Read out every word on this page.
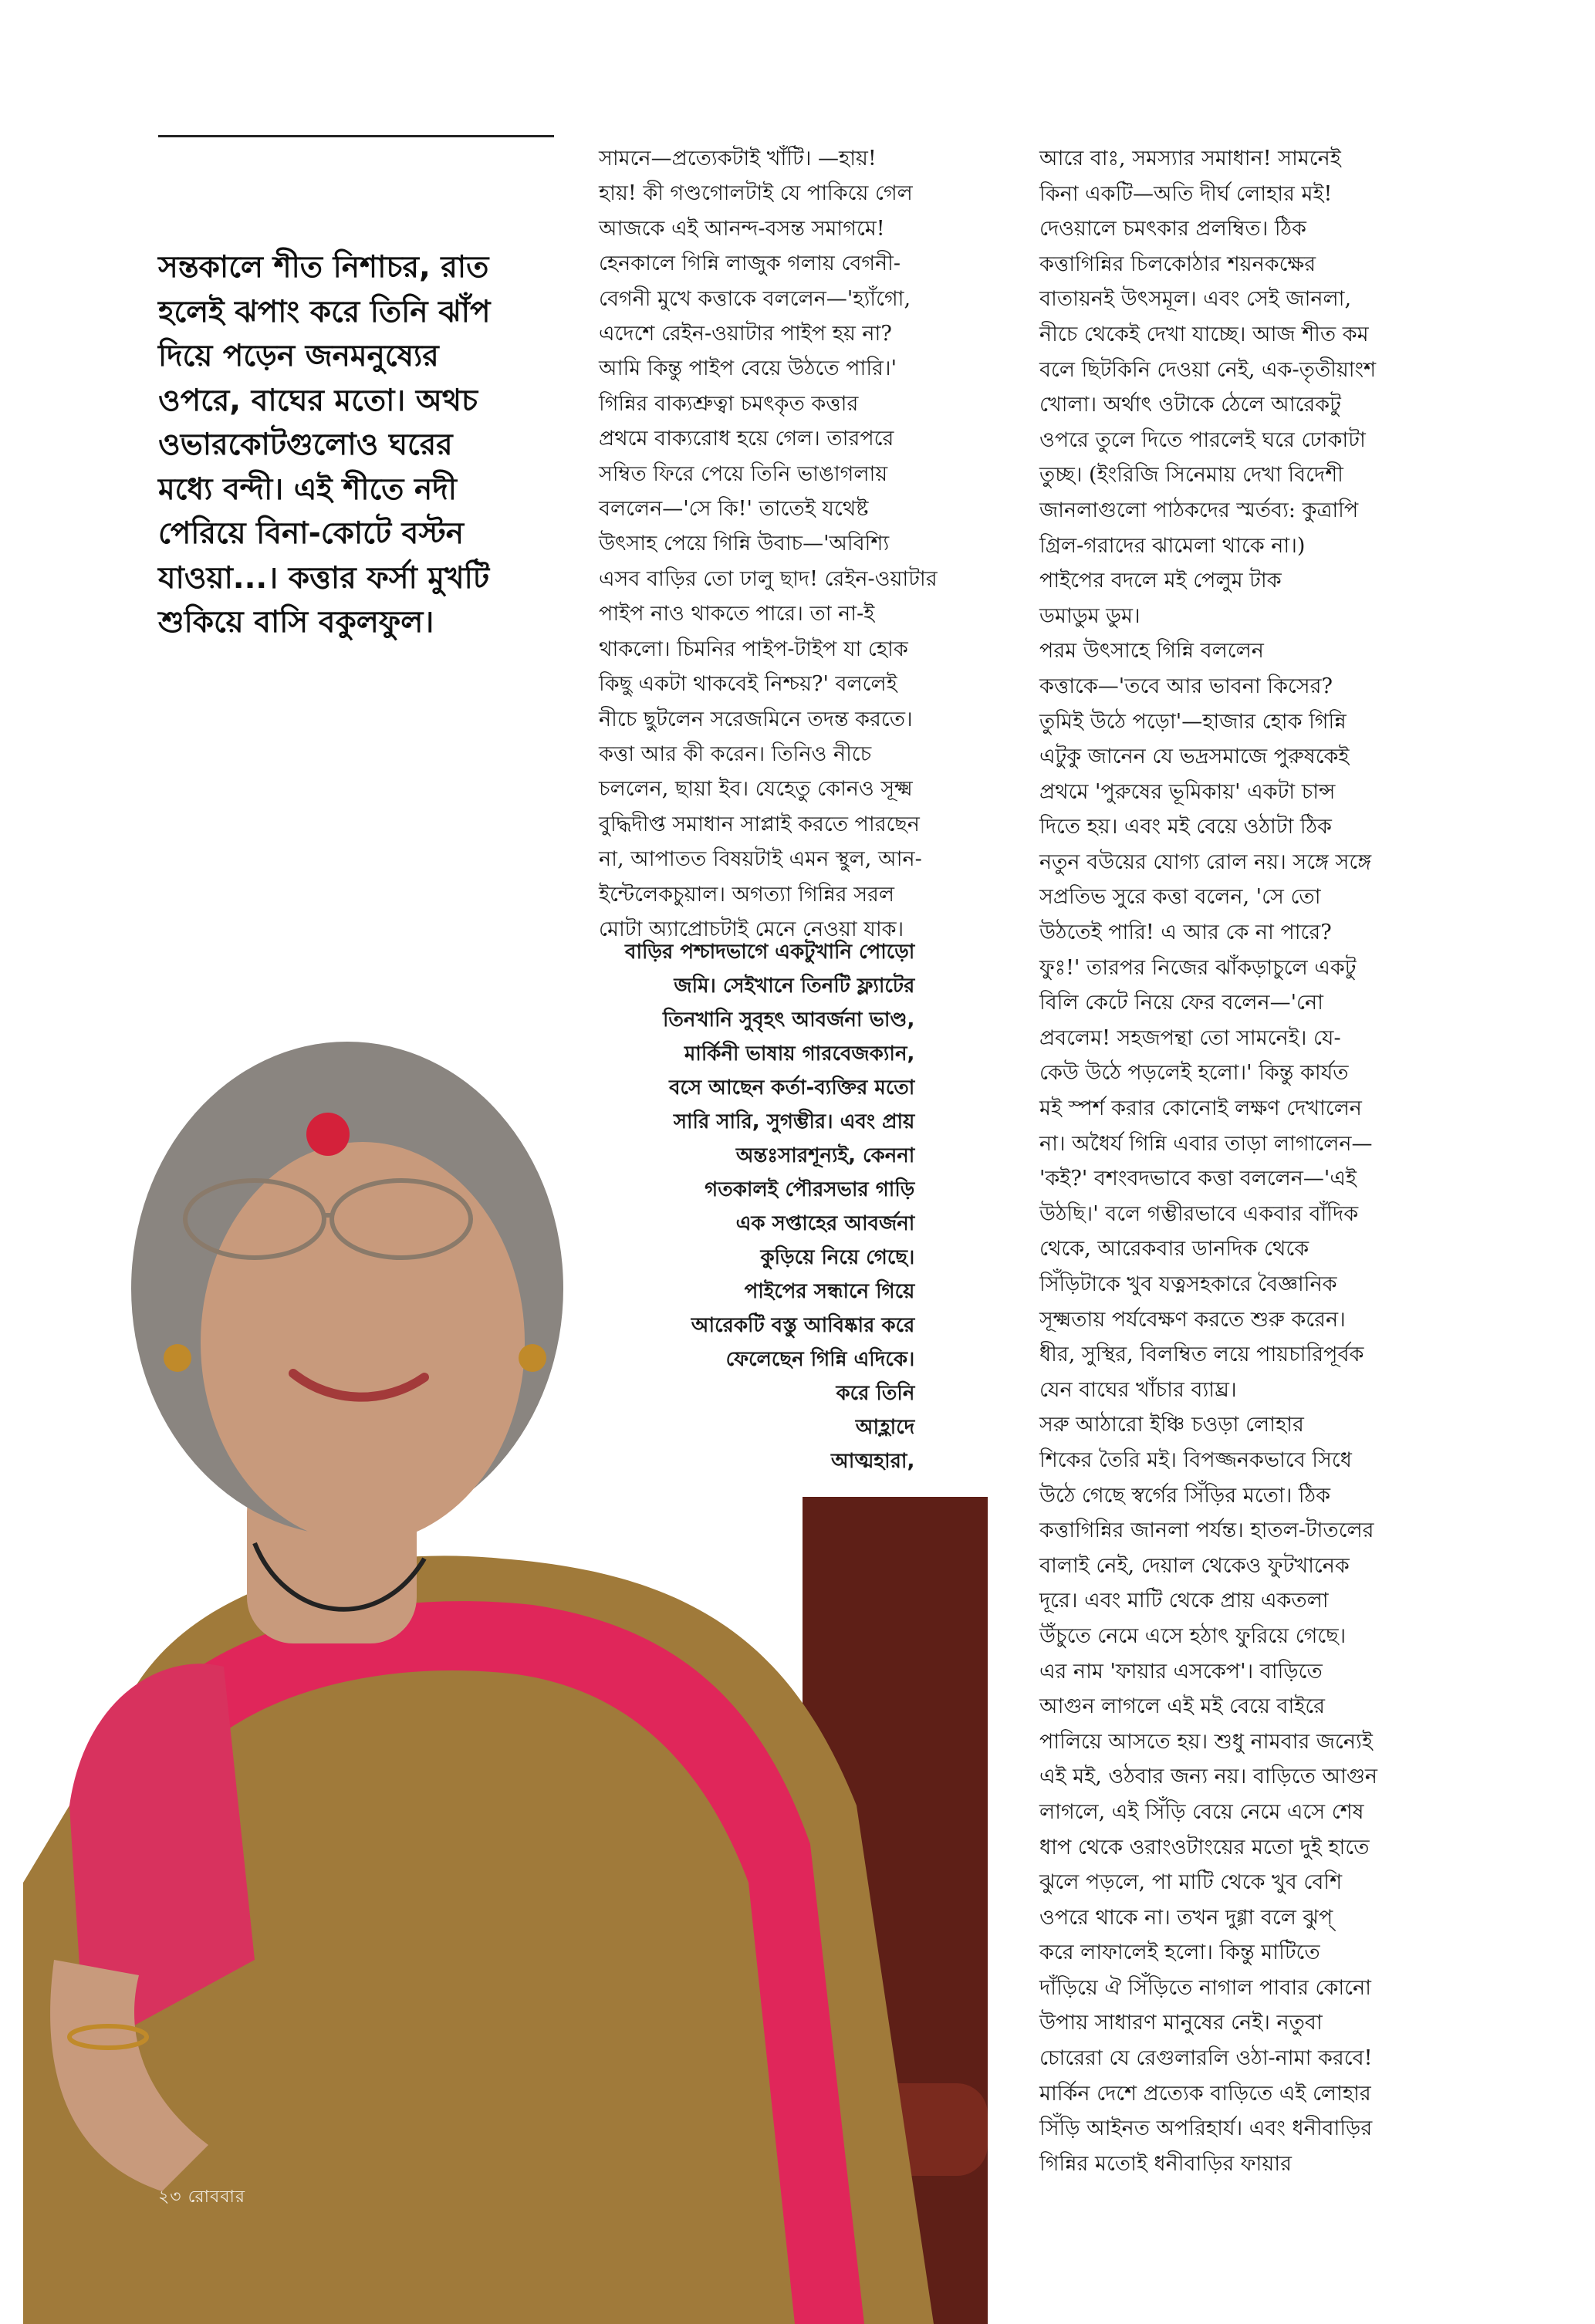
সন্তকালে শীত নিশাচর, রাত
হলেই ঝপাং করে তিনি ঝাঁপ
দিয়ে পড়েন জনমনুষ্যের
ওপরে, বাঘের মতো। অথচ
ওভারকোটগুলোও ঘরের
মধ্যে বন্দী। এই শীতে নদী
পেরিয়ে বিনা-কোটে বস্টন
যাওয়া...। কত্তার ফর্সা মুখটি
শুকিয়ে বাসি বকুলফুল।
সামনে—প্রত্যেকটাই খাঁটি। —হায়!
হায়! কী গণ্ডগোলটাই যে পাকিয়ে গেল
আজকে এই আনন্দ-বসন্ত সমাগমে!
হেনকালে গিন্নি লাজুক গলায় বেগনী-
বেগনী মুখে কত্তাকে বললেন—'হ্যাঁগো,
এদেশে রেইন-ওয়াটার পাইপ হয় না?
আমি কিন্তু পাইপ বেয়ে উঠতে পারি।'
গিন্নির বাক্যশ্রুত্বা চমৎকৃত কত্তার
প্রথমে বাক্যরোধ হয়ে গেল। তারপরে
সম্বিত ফিরে পেয়ে তিনি ভাঙাগলায়
বললেন—'সে কি!' তাতেই যথেষ্ট
উৎসাহ পেয়ে গিন্নি উবাচ—'অবিশ্যি
এসব বাড়ির তো ঢালু ছাদ! রেইন-ওয়াটার
পাইপ নাও থাকতে পারে। তা না-ই
থাকলো। চিমনির পাইপ-টাইপ যা হোক
কিছু একটা থাকবেই নিশ্চয়?' বললেই
নীচে ছুটলেন সরেজমিনে তদন্ত করতে।
কত্তা আর কী করেন। তিনিও নীচে
চললেন, ছায়া ইব। যেহেতু কোনও সূক্ষ্ম
বুদ্ধিদীপ্ত সমাধান সাপ্লাই করতে পারছেন
না, আপাতত বিষয়টাই এমন স্থুল, আন-
ইন্টেলেকচুয়াল। অগত্যা গিন্নির সরল
মোটা অ্যাপ্রোচটাই মেনে নেওয়া যাক।
বাড়ির পশ্চাদভাগে একটুখানি পোড়ো
জমি। সেইখানে তিনটি ফ্ল্যাটের
তিনখানি সুবৃহৎ আবর্জনা ভাণ্ড,
মার্কিনী ভাষায় গারবেজক্যান,
বসে আছেন কর্তা-ব্যক্তির মতো
সারি সারি, সুগম্ভীর। এবং প্রায়
অন্তঃসারশূন্যই, কেননা
গতকালই পৌরসভার গাড়ি
এক সপ্তাহের আবর্জনা
কুড়িয়ে নিয়ে গেছে।
পাইপের সন্ধানে গিয়ে
আরেকটি বস্তু আবিষ্কার করে
ফেলেছেন গিন্নি এদিকে।
করে তিনি
আহ্লাদে
আত্মহারা,
আরে বাঃ, সমস্যার সমাধান! সামনেই
কিনা একটি—অতি দীর্ঘ লোহার মই!
দেওয়ালে চমৎকার প্রলম্বিত। ঠিক
কত্তাগিন্নির চিলকোঠার শয়নকক্ষের
বাতায়নই উৎসমূল। এবং সেই জানলা,
নীচে থেকেই দেখা যাচ্ছে। আজ শীত কম
বলে ছিটকিনি দেওয়া নেই, এক-তৃতীয়াংশ
খোলা। অর্থাৎ ওটাকে ঠেলে আরেকটু
ওপরে তুলে দিতে পারলেই ঘরে ঢোকাটা
তুচ্ছ। (ইংরিজি সিনেমায় দেখা বিদেশী
জানলাগুলো পাঠকদের স্মর্তব্য: কুত্রাপি
গ্রিল-গরাদের ঝামেলা থাকে না।)
পাইপের বদলে মই পেলুম টাক
ডমাডুম ডুম।
পরম উৎসাহে গিন্নি বললেন
কত্তাকে—'তবে আর ভাবনা কিসের?
তুমিই উঠে পড়ো'—হাজার হোক গিন্নি
এটুকু জানেন যে ভদ্রসমাজে পুরুষকেই
প্রথমে 'পুরুষের ভূমিকায়' একটা চান্স
দিতে হয়। এবং মই বেয়ে ওঠাটা ঠিক
নতুন বউয়ের যোগ্য রোল নয়। সঙ্গে সঙ্গে
সপ্রতিভ সুরে কত্তা বলেন, 'সে তো
উঠতেই পারি! এ আর কে না পারে?
ফুঃ!' তারপর নিজের ঝাঁকড়াচুলে একটু
বিলি কেটে নিয়ে ফের বলেন—'নো
প্রবলেম! সহজপন্থা তো সামনেই। যে-
কেউ উঠে পড়লেই হলো।' কিন্তু কার্যত
মই স্পর্শ করার কোনোই লক্ষণ দেখালেন
না। অধৈর্য গিন্নি এবার তাড়া লাগালেন—
'কই?' বশংবদভাবে কত্তা বললেন—'এই
উঠছি।' বলে গম্ভীরভাবে একবার বাঁদিক
থেকে, আরেকবার ডানদিক থেকে
সিঁড়িটাকে খুব যত্নসহকারে বৈজ্ঞানিক
সূক্ষ্মতায় পর্যবেক্ষণ করতে শুরু করেন।
ধীর, সুস্থির, বিলম্বিত লয়ে পায়চারিপূর্বক
যেন বাঘের খাঁচার ব্যাঘ্র।
সরু আঠারো ইঞ্চি চওড়া লোহার
শিকের তৈরি মই। বিপজ্জনকভাবে সিধে
উঠে গেছে স্বর্গের সিঁড়ির মতো। ঠিক
কত্তাগিন্নির জানলা পর্যন্ত। হাতল-টাতলের
বালাই নেই, দেয়াল থেকেও ফুটখানেক
দূরে। এবং মাটি থেকে প্রায় একতলা
উঁচুতে নেমে এসে হঠাৎ ফুরিয়ে গেছে।
এর নাম 'ফায়ার এসকেপ'। বাড়িতে
আগুন লাগলে এই মই বেয়ে বাইরে
পালিয়ে আসতে হয়। শুধু নামবার জন্যেই
এই মই, ওঠবার জন্য নয়। বাড়িতে আগুন
লাগলে, এই সিঁড়ি বেয়ে নেমে এসে শেষ
ধাপ থেকে ওরাংওটাংয়ের মতো দুই হাতে
ঝুলে পড়লে, পা মাটি থেকে খুব বেশি
ওপরে থাকে না। তখন দুগ্গা বলে ঝুপ্
করে লাফালেই হলো। কিন্তু মাটিতে
দাঁড়িয়ে ঐ সিঁড়িতে নাগাল পাবার কোনো
উপায় সাধারণ মানুষের নেই। নতুবা
চোরেরা যে রেগুলারলি ওঠা-নামা করবে!
মার্কিন দেশে প্রত্যেক বাড়িতে এই লোহার
সিঁড়ি আইনত অপরিহার্য। এবং ধনীবাড়ির
গিন্নির মতোই ধনীবাড়ির ফায়ার
২৩ রোববার
